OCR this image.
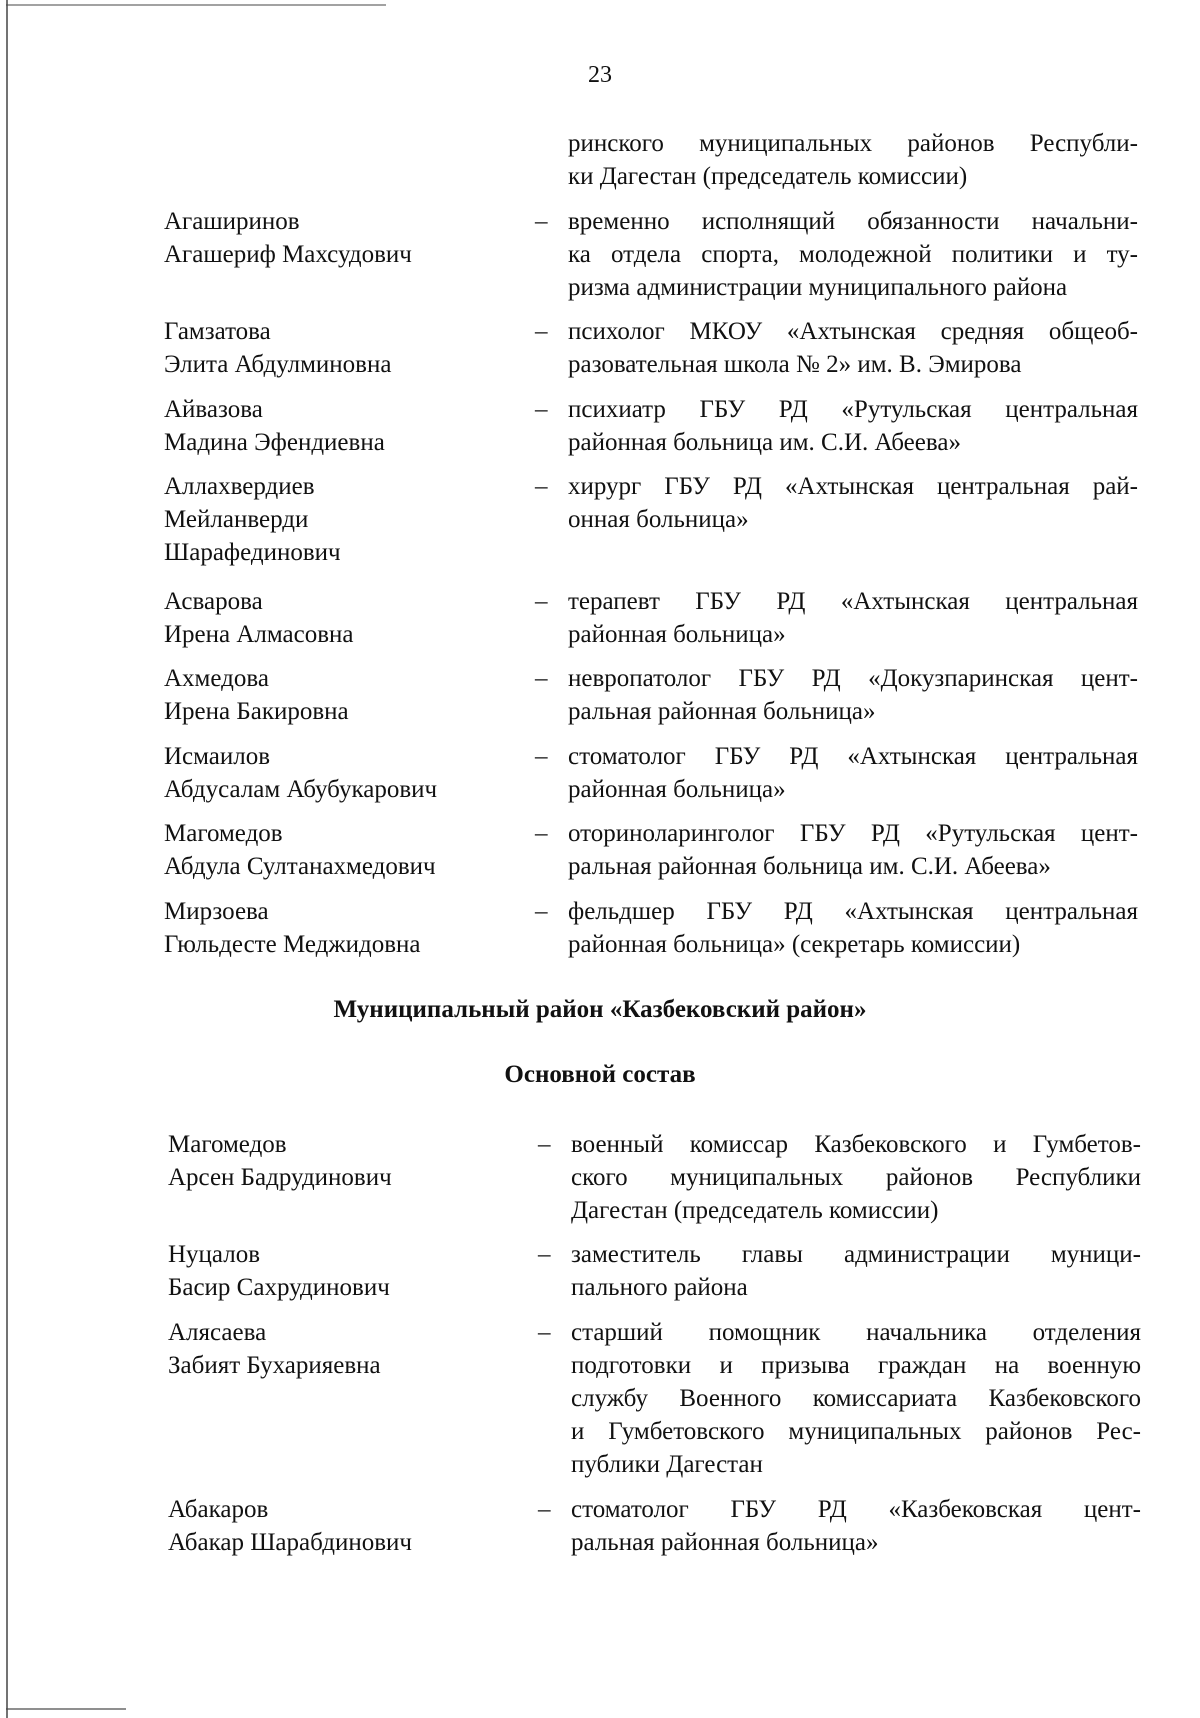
23
ринского муниципальных районов Республи-
ки Дагестан (председатель комиссии)
Агаширинов
Агашериф Махсудович
– временно исполнящий обязанности начальни-
ка отдела спорта, молодежной политики и ту-
ризма администрации муниципального района
Гамзатова
Элита Абдулминовна
– психолог МКОУ «Ахтынская средняя общеоб-
разовательная школа № 2» им. В. Эмирова
Айвазова
Мадина Эфендиевна
– психиатр ГБУ РД «Рутульская центральная
районная больница им. С.И. Абеева»
Аллахвердиев
Мейланверди
Шарафединович
– хирург ГБУ РД «Ахтынская центральная рай-
онная больница»
Асварова
Ирена Алмасовна
– терапевт ГБУ РД «Ахтынская центральная
районная больница»
Ахмедова
Ирена Бакировна
– невропатолог ГБУ РД «Докузпаринская цент-
ральная районная больница»
Исмаилов
Абдусалам Абубукарович
– стоматолог ГБУ РД «Ахтынская центральная
районная больница»
Магомедов
Абдула Султанахмедович
– оториноларинголог ГБУ РД «Рутульская цент-
ральная районная больница им. С.И. Абеева»
Мирзоева
Гюльдесте Меджидовна
– фельдшер ГБУ РД «Ахтынская центральная
районная больница» (секретарь комиссии)
Магомедов
Арсен Бадрудинович
– военный комиссар Казбековского и Гумбетов-
ского муниципальных районов Республики
Дагестан (председатель комиссии)
Нуцалов
Басир Сахрудинович
– заместитель главы администрации муници-
пального района
Алясаева
Забият Бухарияевна
– старший помощник начальника отделения
подготовки и призыва граждан на военную
службу Военного комиссариата Казбековского
и Гумбетовского муниципальных районов Рес-
публики Дагестан
Абакаров
Абакар Шарабдинович
– стоматолог ГБУ РД «Казбековская цент-
ральная районная больница»
Муниципальный район «Казбековский район»
Основной состав
